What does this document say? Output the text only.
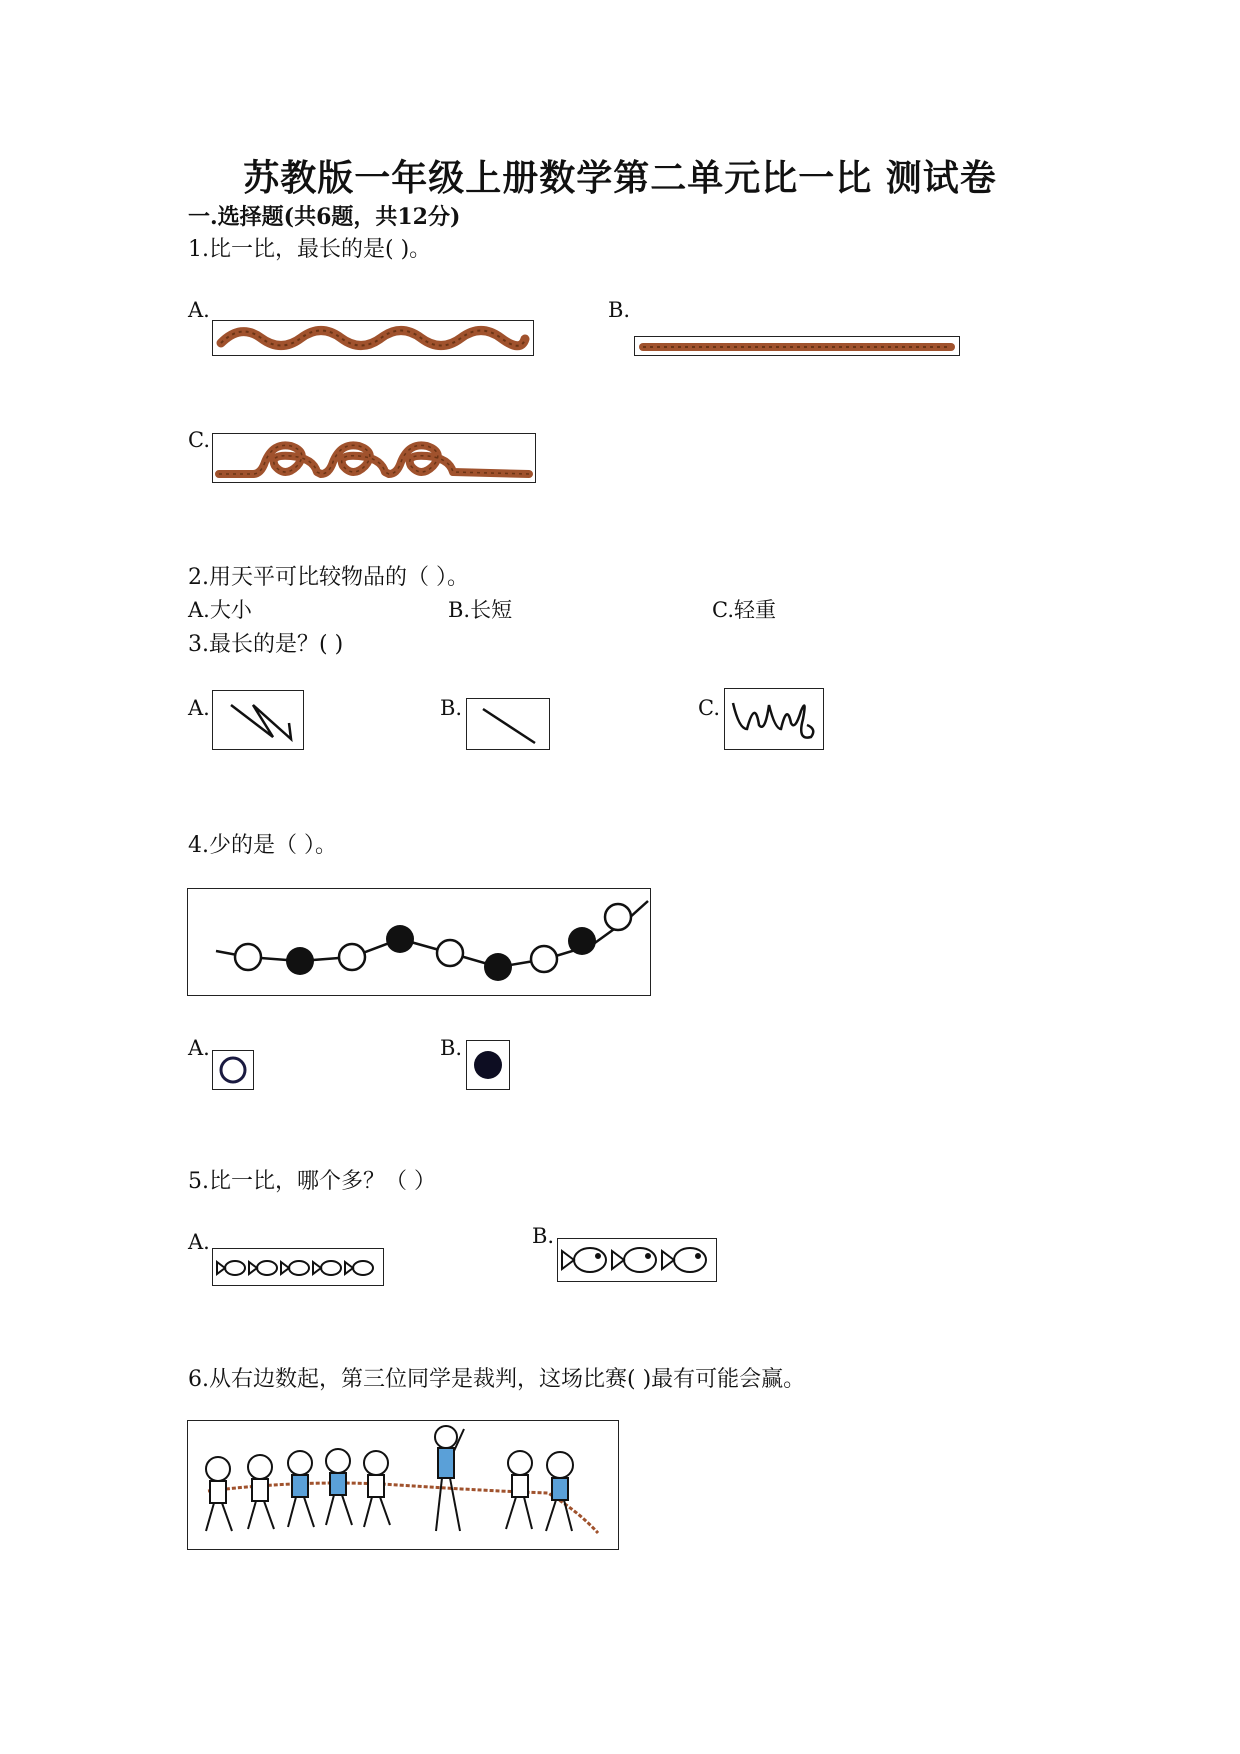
苏教版一年级上册数学第二单元比一比 测试卷
一.选择题(共6题，共12分)
1.比一比，最长的是( )。
A.	B.
C.
2.用天平可比较物品的（ ）。
A.大小	B.长短	C.轻重
3.最长的是？( )
A.	B.	C.
4.少的是（ ）。
A.	B.
5.比一比，哪个多？（ ）
A.	B.
6.从右边数起，第三位同学是裁判，这场比赛( )最有可能会赢。
